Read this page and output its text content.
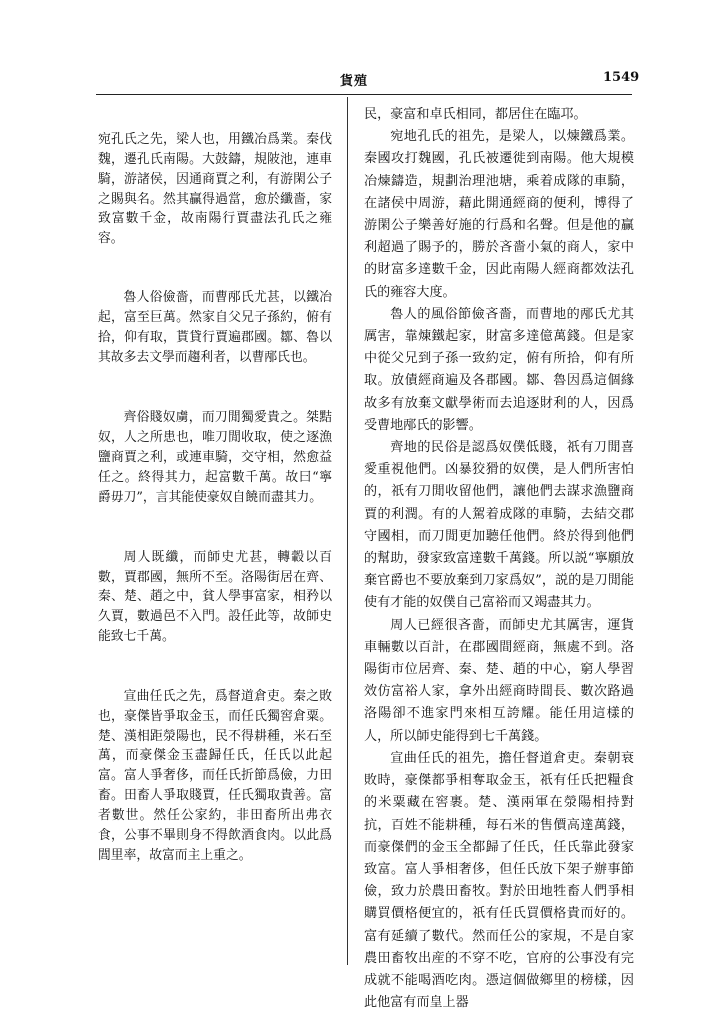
貨殖	1549

宛孔氏之先，梁人也，用鐵冶爲業。秦伐魏，遷孔氏南陽。大鼓鑄，規陂池，連車騎，游諸侯，因通商賈之利，有游閑公子之賜與名。然其贏得過當，愈於纖嗇，家致富數千金，故南陽行賈盡法孔氏之雍容。

魯人俗儉嗇，而曹邴氏尤甚，以鐵冶起，富至巨萬。然家自父兄子孫約，俯有拾，仰有取，貰貸行賈遍郡國。鄒、魯以其故多去文學而趨利者，以曹邴氏也。

齊俗賤奴虜，而刀閒獨愛貴之。桀黠奴，人之所患也，唯刀閒收取，使之逐漁鹽商賈之利，或連車騎，交守相，然愈益任之。終得其力，起富數千萬。故曰“寧爵毋刀”，言其能使豪奴自饒而盡其力。

周人既纖，而師史尤甚，轉轂以百數，賈郡國，無所不至。洛陽街居在齊、秦、楚、趙之中，貧人學事富家，相矜以久賈，數過邑不入門。設任此等，故師史能致七千萬。

宣曲任氏之先，爲督道倉吏。秦之敗也，豪傑皆爭取金玉，而任氏獨窖倉粟。楚、漢相距滎陽也，民不得耕種，米石至萬，而豪傑金玉盡歸任氏，任氏以此起富。富人爭奢侈，而任氏折節爲儉，力田畜。田畜人爭取賤賈，任氏獨取貴善。富者數世。然任公家約，非田畜所出弗衣食，公事不畢則身不得飲酒食肉。以此爲閭里率，故富而主上重之。

民，豪富和卓氏相同，都居住在臨邛。

宛地孔氏的祖先，是梁人，以煉鐵爲業。秦國攻打魏國，孔氏被遷徙到南陽。他大規模冶煉鑄造，規劃治理池塘，乘着成隊的車騎，在諸侯中周游，藉此開通經商的便利，博得了游閑公子樂善好施的行爲和名聲。但是他的贏利超過了賜予的，勝於吝嗇小氣的商人，家中的財富多達數千金，因此南陽人經商都效法孔氏的雍容大度。

魯人的風俗節儉吝嗇，而曹地的邴氏尤其厲害，靠煉鐵起家，財富多達億萬錢。但是家中從父兄到子孫一致約定，俯有所拾，仰有所取。放債經商遍及各郡國。鄒、魯因爲這個緣故多有放棄文獻學術而去追逐財利的人，因爲受曹地邴氏的影響。

齊地的民俗是認爲奴僕低賤，祇有刀閒喜愛重視他們。凶暴狡猾的奴僕，是人們所害怕的，祇有刀閒收留他們，讓他們去謀求漁鹽商賈的利潤。有的人駕着成隊的車騎，去結交郡守國相，而刀閒更加聽任他們。終於得到他們的幫助，發家致富達數千萬錢。所以説“寧願放棄官爵也不要放棄到刀家爲奴”，説的是刀閒能使有才能的奴僕自己富裕而又竭盡其力。

周人已經很吝嗇，而師史尤其厲害，運貨車輛數以百計，在郡國間經商，無處不到。洛陽街市位居齊、秦、楚、趙的中心，窮人學習效仿富裕人家，拿外出經商時間長、數次路過洛陽卻不進家門來相互誇耀。能任用這樣的人，所以師史能得到七千萬錢。

宣曲任氏的祖先，擔任督道倉吏。秦朝衰敗時，豪傑都爭相奪取金玉，祇有任氏把糧食的米粟藏在窖裹。楚、漢兩軍在滎陽相持對抗，百姓不能耕種，每石米的售價高達萬錢，而豪傑們的金玉全都歸了任氏，任氏靠此發家致富。富人爭相奢侈，但任氏放下架子辦事節儉，致力於農田畜牧。對於田地牲畜人們爭相購買價格便宜的，祇有任氏買價格貴而好的。富有延續了數代。然而任公的家規，不是自家農田畜牧出産的不穿不吃，官府的公事没有完成就不能喝酒吃肉。憑這個做鄉里的榜樣，因此他富有而皇上器
